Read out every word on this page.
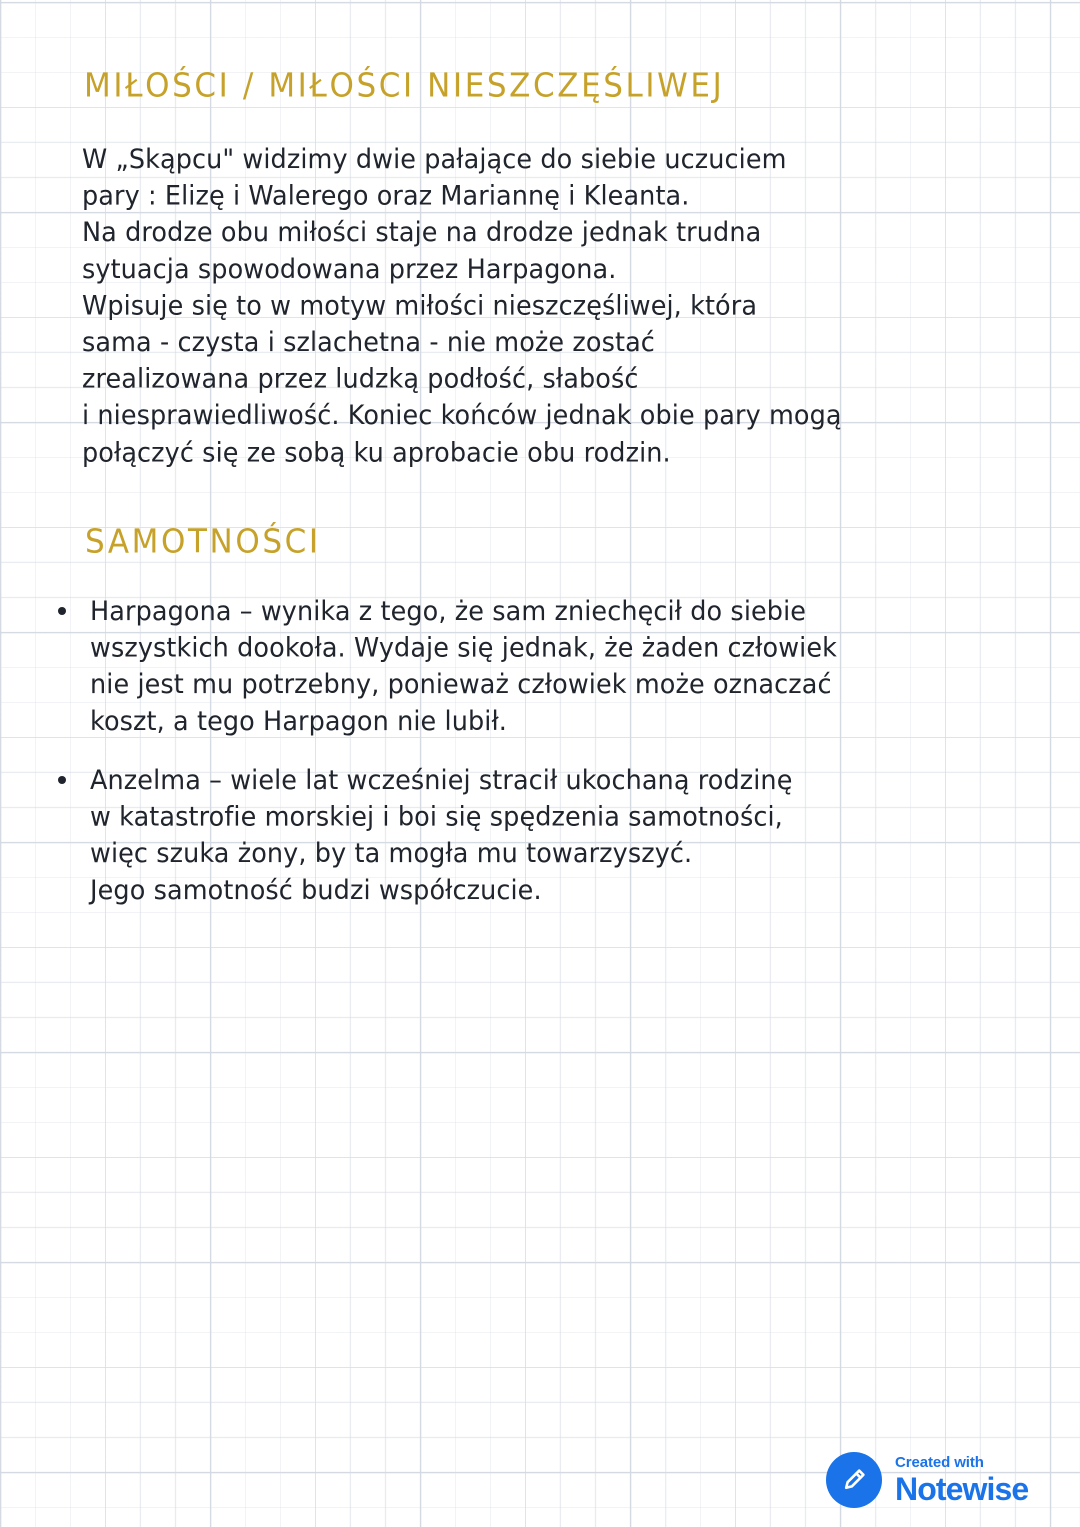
MIŁOŚCI / MIŁOŚCI NIESZCZĘŚLIWEJ
W „Skąpcu" widzimy dwie pałające do siebie uczuciem
pary : Elizę i Walerego oraz Mariannę i Kleanta.
Na drodze obu miłości staje na drodze jednak trudna
sytuacja spowodowana przez Harpagona.
Wpisuje się to w motyw miłości nieszczęśliwej, która
sama - czysta i szlachetna - nie może zostać
zrealizowana przez ludzką podłość, słabość
i niesprawiedliwość. Koniec końców jednak obie pary mogą
połączyć się ze sobą ku aprobacie obu rodzin.
SAMOTNOŚCI
Harpagona – wynika z tego, że sam zniechęcił do siebie
wszystkich dookoła. Wydaje się jednak, że żaden człowiek
nie jest mu potrzebny, ponieważ człowiek może oznaczać
koszt, a tego Harpagon nie lubił.
Anzelma – wiele lat wcześniej stracił ukochaną rodzinę
w katastrofie morskiej i boi się spędzenia samotności,
więc szuka żony, by ta mogła mu towarzyszyć.
Jego samotność budzi współczucie.
Created with
Notewise
